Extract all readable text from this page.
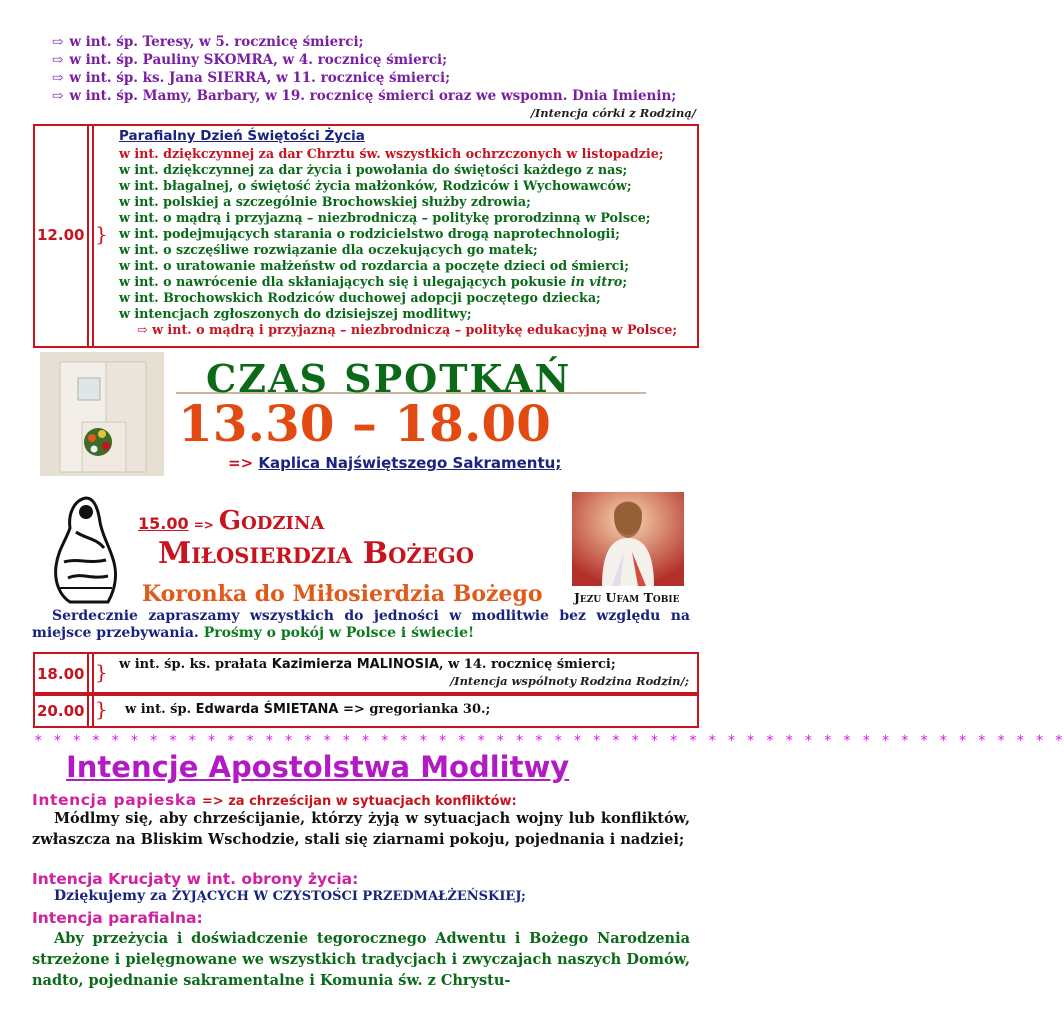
⇨ w int. śp. Teresy, w 5. rocznicę śmierci;
⇨ w int. śp. Pauliny SKOMRA, w 4. rocznicę śmierci;
⇨ w int. śp. ks. Jana SIERRA, w 11. rocznicę śmierci;
⇨ w int. śp. Mamy, Barbary, w 19. rocznicę śmierci oraz we wspomn. Dnia Imienin;
/Intencja córki z Rodziną/
12.00 }
Parafialny Dzień Świętości Życia
w int. dziękczynnej za dar Chrztu św. wszystkich ochrzczonych w listopadzie;
w int. dziękczynnej za dar życia i powołania do świętości każdego z nas;
w int. błagalnej, o świętość życia małżonków, Rodziców i Wychowawców;
w int. polskiej a szczególnie Brochowskiej służby zdrowia;
w int. o mądrą i przyjazną – niezbrodniczą – politykę prorodzinną w Polsce;
w int. podejmujących starania o rodzicielstwo drogą naprotechnologii;
w int. o szczęśliwe rozwiązanie dla oczekujących go matek;
w int. o uratowanie małżeństw od rozdarcia a poczęte dzieci od śmierci;
w int. o nawrócenie dla skłaniających się i ulegających pokusie in vitro;
w int. Brochowskich Rodziców duchowej adopcji poczętego dziecka;
w intencjach zgłoszonych do dzisiejszej modlitwy;
⇨ w int. o mądrą i przyjazną – niezbrodniczą – politykę edukacyjną w Polsce;
CZAS SPOTKAŃ
13.30 – 18.00
=> Kaplica Najświętszego Sakramentu;
15.00 => Godzina
Miłosierdzia Bożego
Koronka do Miłosierdzia Bożego	Jezu Ufam Tobie
Serdecznie zapraszamy wszystkich do jedności w modlitwie bez względu na miejsce przebywania. Prośmy o pokój w Polsce i świecie!
18.00 } w int. śp. ks. prałata Kazimierza MALINOSIA, w 14. rocznicę śmierci;
/Intencja wspólnoty Rodzina Rodzin/;
20.00 } w int. śp. Edwarda ŚMIETANA => gregorianka 30.;
* * * * * * * * * * * * * * * * * * * * * * * * * * * * * * * * * * * * * * * * * * * * * * * * * * * * * *
Intencje Apostolstwa Modlitwy
Intencja papieska => za chrześcijan w sytuacjach konfliktów:
Módlmy się, aby chrześcijanie, którzy żyją w sytuacjach wojny lub konfliktów, zwłaszcza na Bliskim Wschodzie, stali się ziarnami pokoju, pojednania i nadziei;
Intencja Krucjaty w int. obrony życia:
Dziękujemy za ŻYJĄCYCH W CZYSTOŚCI PRZEDMAŁŻEŃSKIEJ;
Intencja parafialna:
Aby przeżycia i doświadczenie tegorocznego Adwentu i Bożego Narodzenia strzeżone i pielęgnowane we wszystkich tradycjach i zwyczajach naszych Domów, nadto, pojednanie sakramentalne i Komunia św. z Chrystu-
